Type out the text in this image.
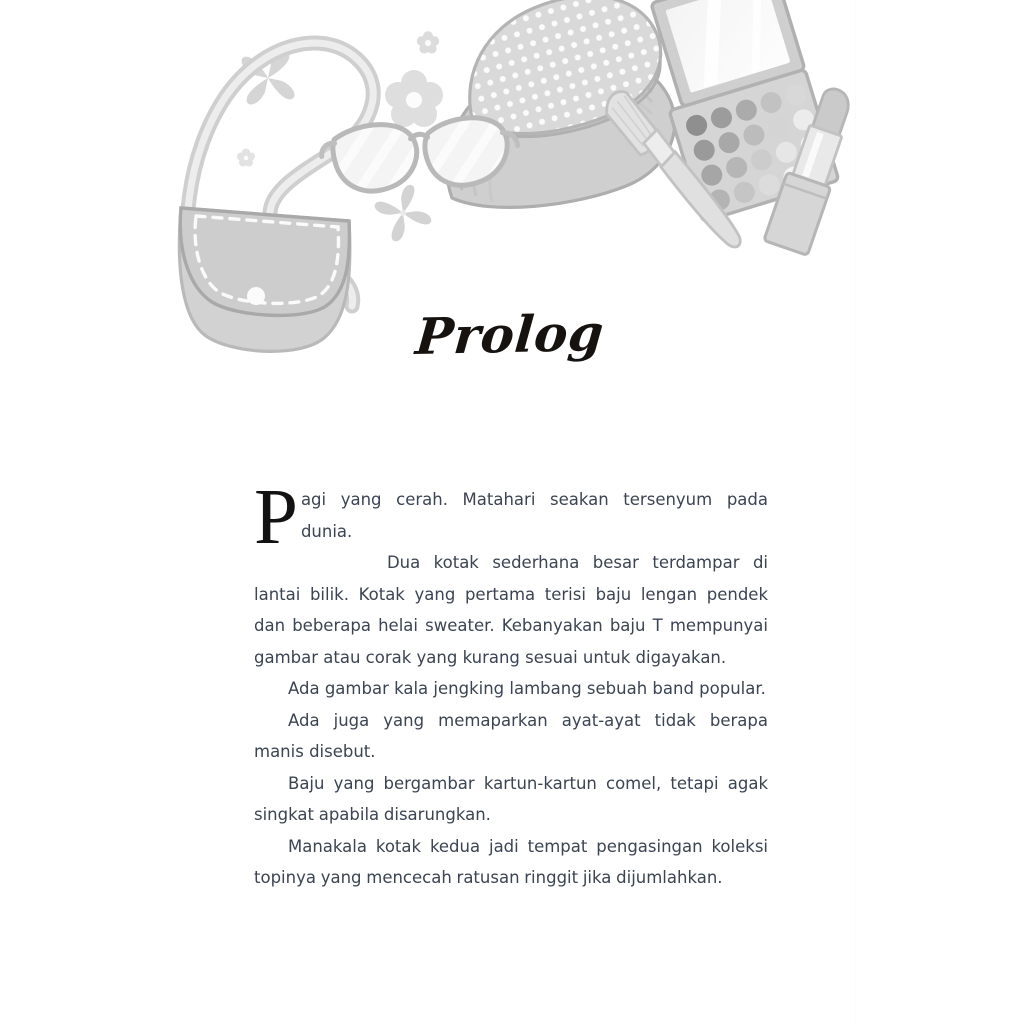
Prolog

Pagi yang cerah. Matahari seakan tersenyum pada dunia.

Dua kotak sederhana besar terdampar di lantai bilik. Kotak yang pertama terisi baju lengan pendek dan beberapa helai sweater. Kebanyakan baju T mempunyai gambar atau corak yang kurang sesuai untuk digayakan.

Ada gambar kala jengking lambang sebuah band popular.

Ada juga yang memaparkan ayat-ayat tidak berapa manis disebut.

Baju yang bergambar kartun-kartun comel, tetapi agak singkat apabila disarungkan.

Manakala kotak kedua jadi tempat pengasingan koleksi topinya yang mencecah ratusan ringgit jika dijumlahkan.
